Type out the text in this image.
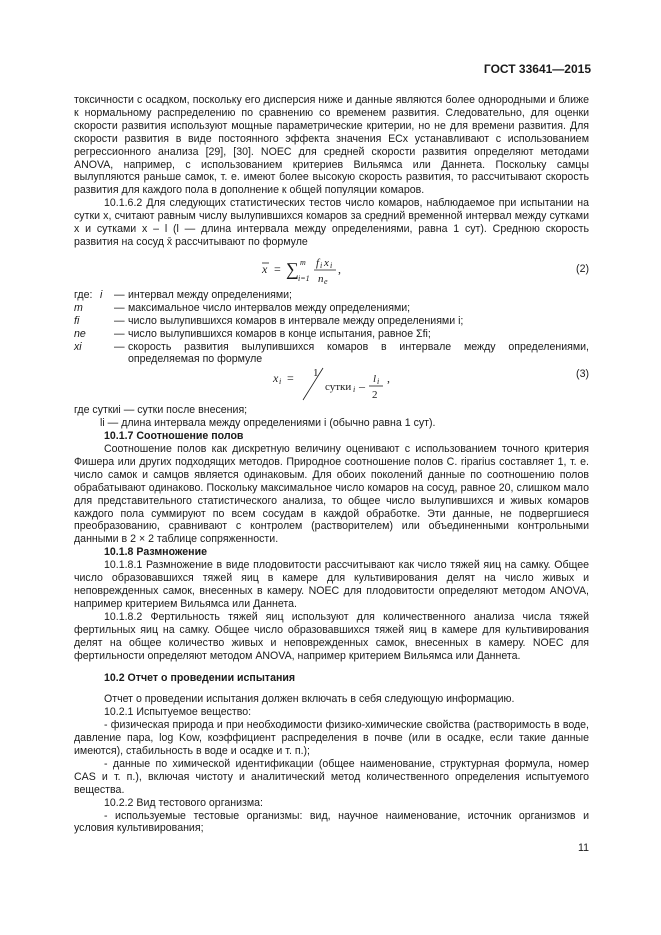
ГОСТ 33641—2015

токсичности с осадком, поскольку его дисперсия ниже и данные являются более однородными и ближе к нормальному распределению по сравнению со временем развития. Следовательно, для оценки скорости развития используют мощные параметрические критерии, но не для времени развития. Для скорости развития в виде постоянного эффекта значения ECx устанавливают с использованием регрессионного анализа [29], [30]. NOEC для средней скорости развития определяют методами ANOVA, например, с использованием критериев Вильямса или Даннета. Поскольку самцы вылупляются раньше самок, т. е. имеют более высокую скорость развития, то рассчитывают скорость развития для каждого пола в дополнение к общей популяции комаров.

10.1.6.2 Для следующих статистических тестов число комаров, наблюдаемое при испытании на сутки x, считают равным числу вылупившихся комаров за средний временной интервал между сутками x и сутками x – l (l — длина интервала между определениями, равна 1 сут). Среднюю скорость развития на сосуд x̄ рассчитывают по формуле

x = ∑ m
i=1
f i x i
n e
,	(2)
где: i	— интервал между определениями;
m	— максимальное число интервалов между определениями;
fi	— число вылупившихся комаров в интервале между определениями i;
ne	— число вылупившихся комаров в конце испытания, равное Σfi;
xi	— скорость развития вылупившихся комаров в интервале между определениями, определяемая по формуле
x i = 1
сутки i – l i
2
,	(3)

где суткиi — сутки после внесения;

li — длина интервала между определениями i (обычно равна 1 сут).

10.1.7 Соотношение полов

Соотношение полов как дискретную величину оценивают с использованием точного критерия Фишера или других подходящих методов. Природное соотношение полов C. riparius составляет 1, т. е. число самок и самцов является одинаковым. Для обоих поколений данные по соотношению полов обрабатывают одинаково. Поскольку максимальное число комаров на сосуд, равное 20, слишком мало для представительного статистического анализа, то общее число вылупившихся и живых комаров каждого пола суммируют по всем сосудам в каждой обработке. Эти данные, не подвергшиеся преобразованию, сравнивают с контролем (растворителем) или объединенными контрольными данными в 2 × 2 таблице сопряженности.

10.1.8 Размножение

10.1.8.1 Размножение в виде плодовитости рассчитывают как число тяжей яиц на самку. Общее число образовавшихся тяжей яиц в камере для культивирования делят на число живых и неповрежденных самок, внесенных в камеру. NOEC для плодовитости определяют методом ANOVA, например критерием Вильямса или Даннета.

10.1.8.2 Фертильность тяжей яиц используют для количественного анализа числа тяжей фертильных яиц на самку. Общее число образовавшихся тяжей яиц в камере для культивирования делят на общее количество живых и неповрежденных самок, внесенных в камеру. NOEC для фертильности определяют методом ANOVA, например критерием Вильямса или Даннета.

10.2 Отчет о проведении испытания

Отчет о проведении испытания должен включать в себя следующую информацию.

10.2.1 Испытуемое вещество:

- физическая природа и при необходимости физико-химические свойства (растворимость в воде, давление пара, log Kow, коэффициент распределения в почве (или в осадке, если такие данные имеются), стабильность в воде и осадке и т. п.);

- данные по химической идентификации (общее наименование, структурная формула, номер CAS и т. п.), включая чистоту и аналитический метод количественного определения испытуемого вещества.

10.2.2 Вид тестового организма:

- используемые тестовые организмы: вид, научное наименование, источник организмов и условия культивирования;

11
